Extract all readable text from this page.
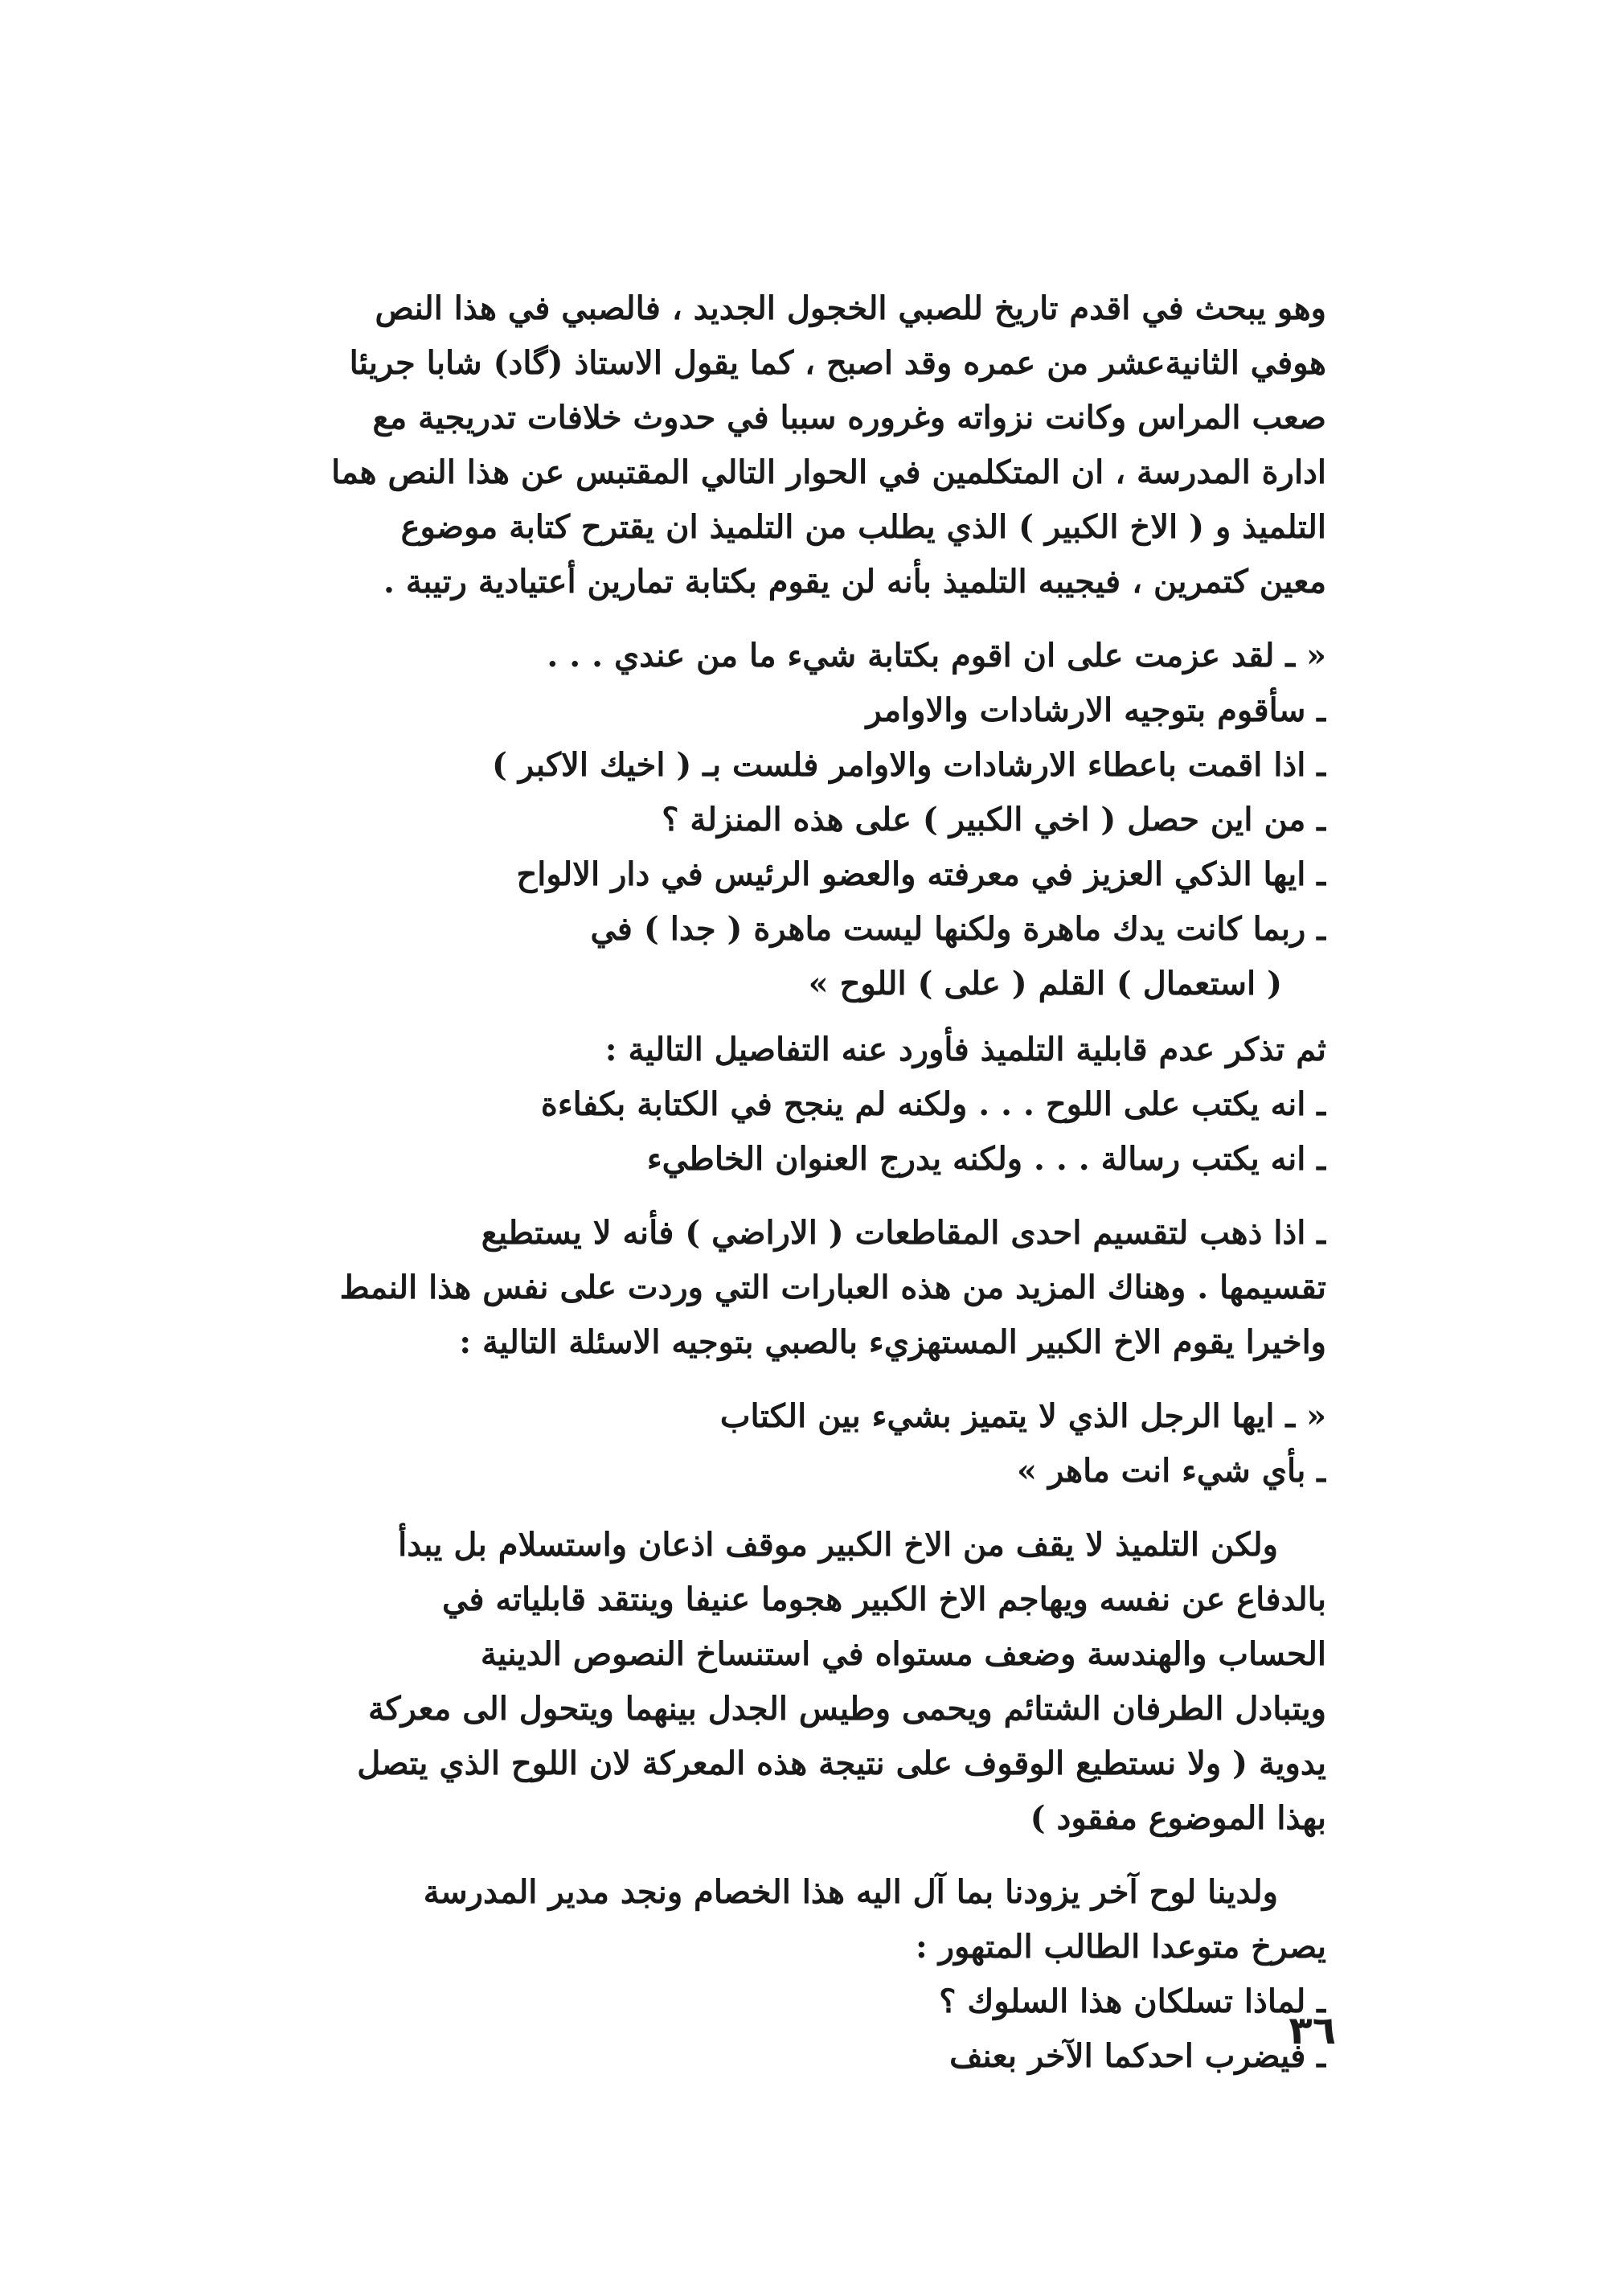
وهو يبحث في اقدم تاريخ للصبي الخجول الجديد ، فالصبي في هذا النص
هوفي الثانيةعشر من عمره وقد اصبح ، كما يقول الاستاذ (گاد) شابا جريئا
صعب المراس وكانت نزواته وغروره سببا في حدوث خلافات تدريجية مع
ادارة المدرسة ، ان المتكلمين في الحوار التالي المقتبس عن هذا النص هما
التلميذ و ( الاخ الكبير ) الذي يطلب من التلميذ ان يقترح كتابة موضوع
معين كتمرين ، فيجيبه التلميذ بأنه لن يقوم بكتابة تمارين أعتيادية رتيبة .
« ـ لقد عزمت على ان اقوم بكتابة شيء ما من عندي . . .
ـ سأقوم بتوجيه الارشادات والاوامر
ـ اذا اقمت باعطاء الارشادات والاوامر فلست بـ ( اخيك الاكبر )
ـ من اين حصل ( اخي الكبير ) على هذه المنزلة ؟
ـ ايها الذكي العزيز في معرفته والعضو الرئيس في دار الالواح
ـ ربما كانت يدك ماهرة ولكنها ليست ماهرة ( جدا ) في
( استعمال ) القلم ( على ) اللوح »
ثم تذكر عدم قابلية التلميذ فأورد عنه التفاصيل التالية :
ـ انه يكتب على اللوح . . . ولكنه لم ينجح في الكتابة بكفاءة
ـ انه يكتب رسالة . . . ولكنه يدرج العنوان الخاطيء
ـ اذا ذهب لتقسيم احدى المقاطعات ( الاراضي ) فأنه لا يستطيع
تقسيمها . وهناك المزيد من هذه العبارات التي وردت على نفس هذا النمط
واخيرا يقوم الاخ الكبير المستهزيء بالصبي بتوجيه الاسئلة التالية :
« ـ ايها الرجل الذي لا يتميز بشيء بين الكتاب
ـ بأي شيء انت ماهر »
ولكن التلميذ لا يقف من الاخ الكبير موقف اذعان واستسلام بل يبدأ
بالدفاع عن نفسه ويهاجم الاخ الكبير هجوما عنيفا وينتقد قابلياته في
الحساب والهندسة وضعف مستواه في استنساخ النصوص الدينية
ويتبادل الطرفان الشتائم ويحمى وطيس الجدل بينهما ويتحول الى معركة
يدوية ( ولا نستطيع الوقوف على نتيجة هذه المعركة لان اللوح الذي يتصل
بهذا الموضوع مفقود )
ولدينا لوح آخر يزودنا بما آل اليه هذا الخصام ونجد مدير المدرسة
يصرخ متوعدا الطالب المتهور :
ـ لماذا تسلكان هذا السلوك ؟
ـ فيضرب احدكما الآخر بعنف
٣٦
